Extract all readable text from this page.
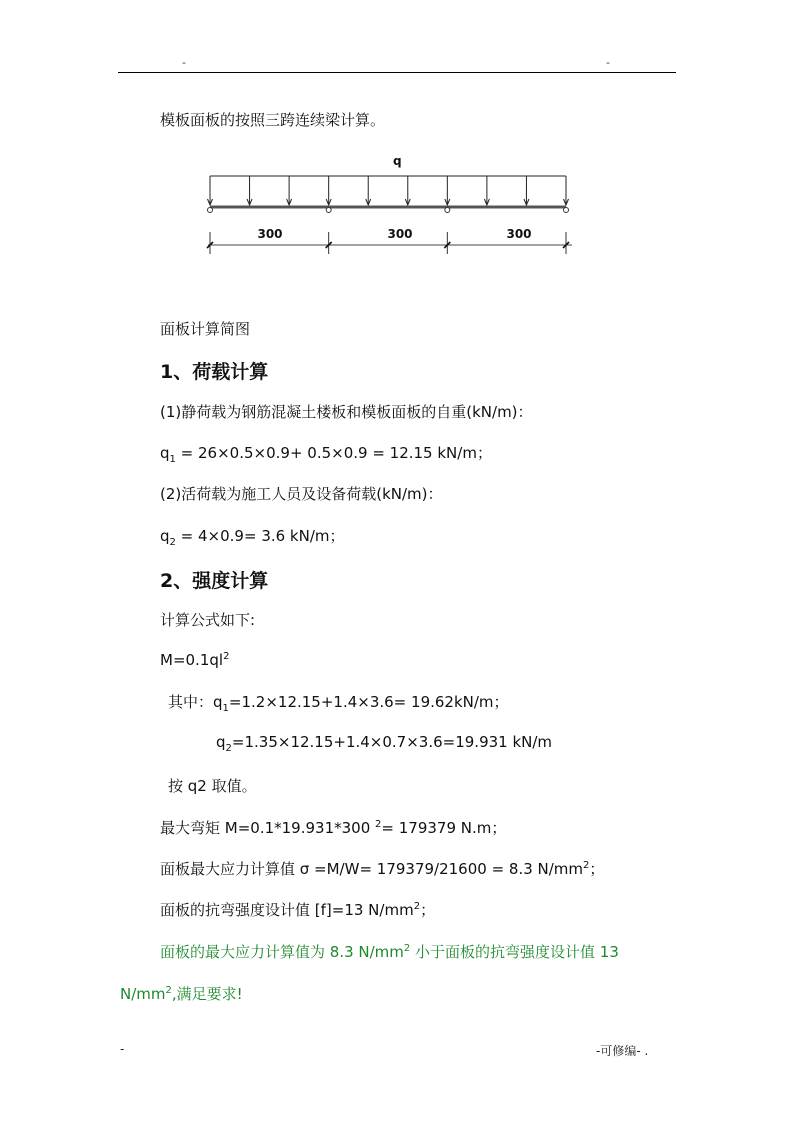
-	-
模板面板的按照三跨连续梁计算。
q
300	300	300
面板计算简图
1、荷载计算
(1)静荷载为钢筋混凝土楼板和模板面板的自重(kN/m)：
$q_1 = 26\times 0.5\times 0.9+ 0.5\times 0.9 = 12.15$ kN/m；
(2)活荷载为施工人员及设备荷载(kN/m)：
$q_2 = 4\times 0.9= 3.6$ kN/m；
2、强度计算
计算公式如下:
$M=0.1ql^2$
其中：$q_1=1.2\times 12.15+1.4\times 3.6= 19.62kN/m$；
$q_2=1.35\times 12.15+1.4\times 0.7\times 3.6=19.931$ kN/m
按 q2 取值。
最大弯矩 M=0.1*19.931*300 $^2$= 179379 N.m；
面板最大应力计算值 σ =M/W= 179379/21600 = 8.3 $N/mm^2$；
面板的抗弯强度设计值 [f]=13 $N/mm^2$；
面板的最大应力计算值为 8.3 $N/mm^2$ 小于面板的抗弯强度设计值 13
$N/mm^2$,满足要求!
-	-可修编- .
